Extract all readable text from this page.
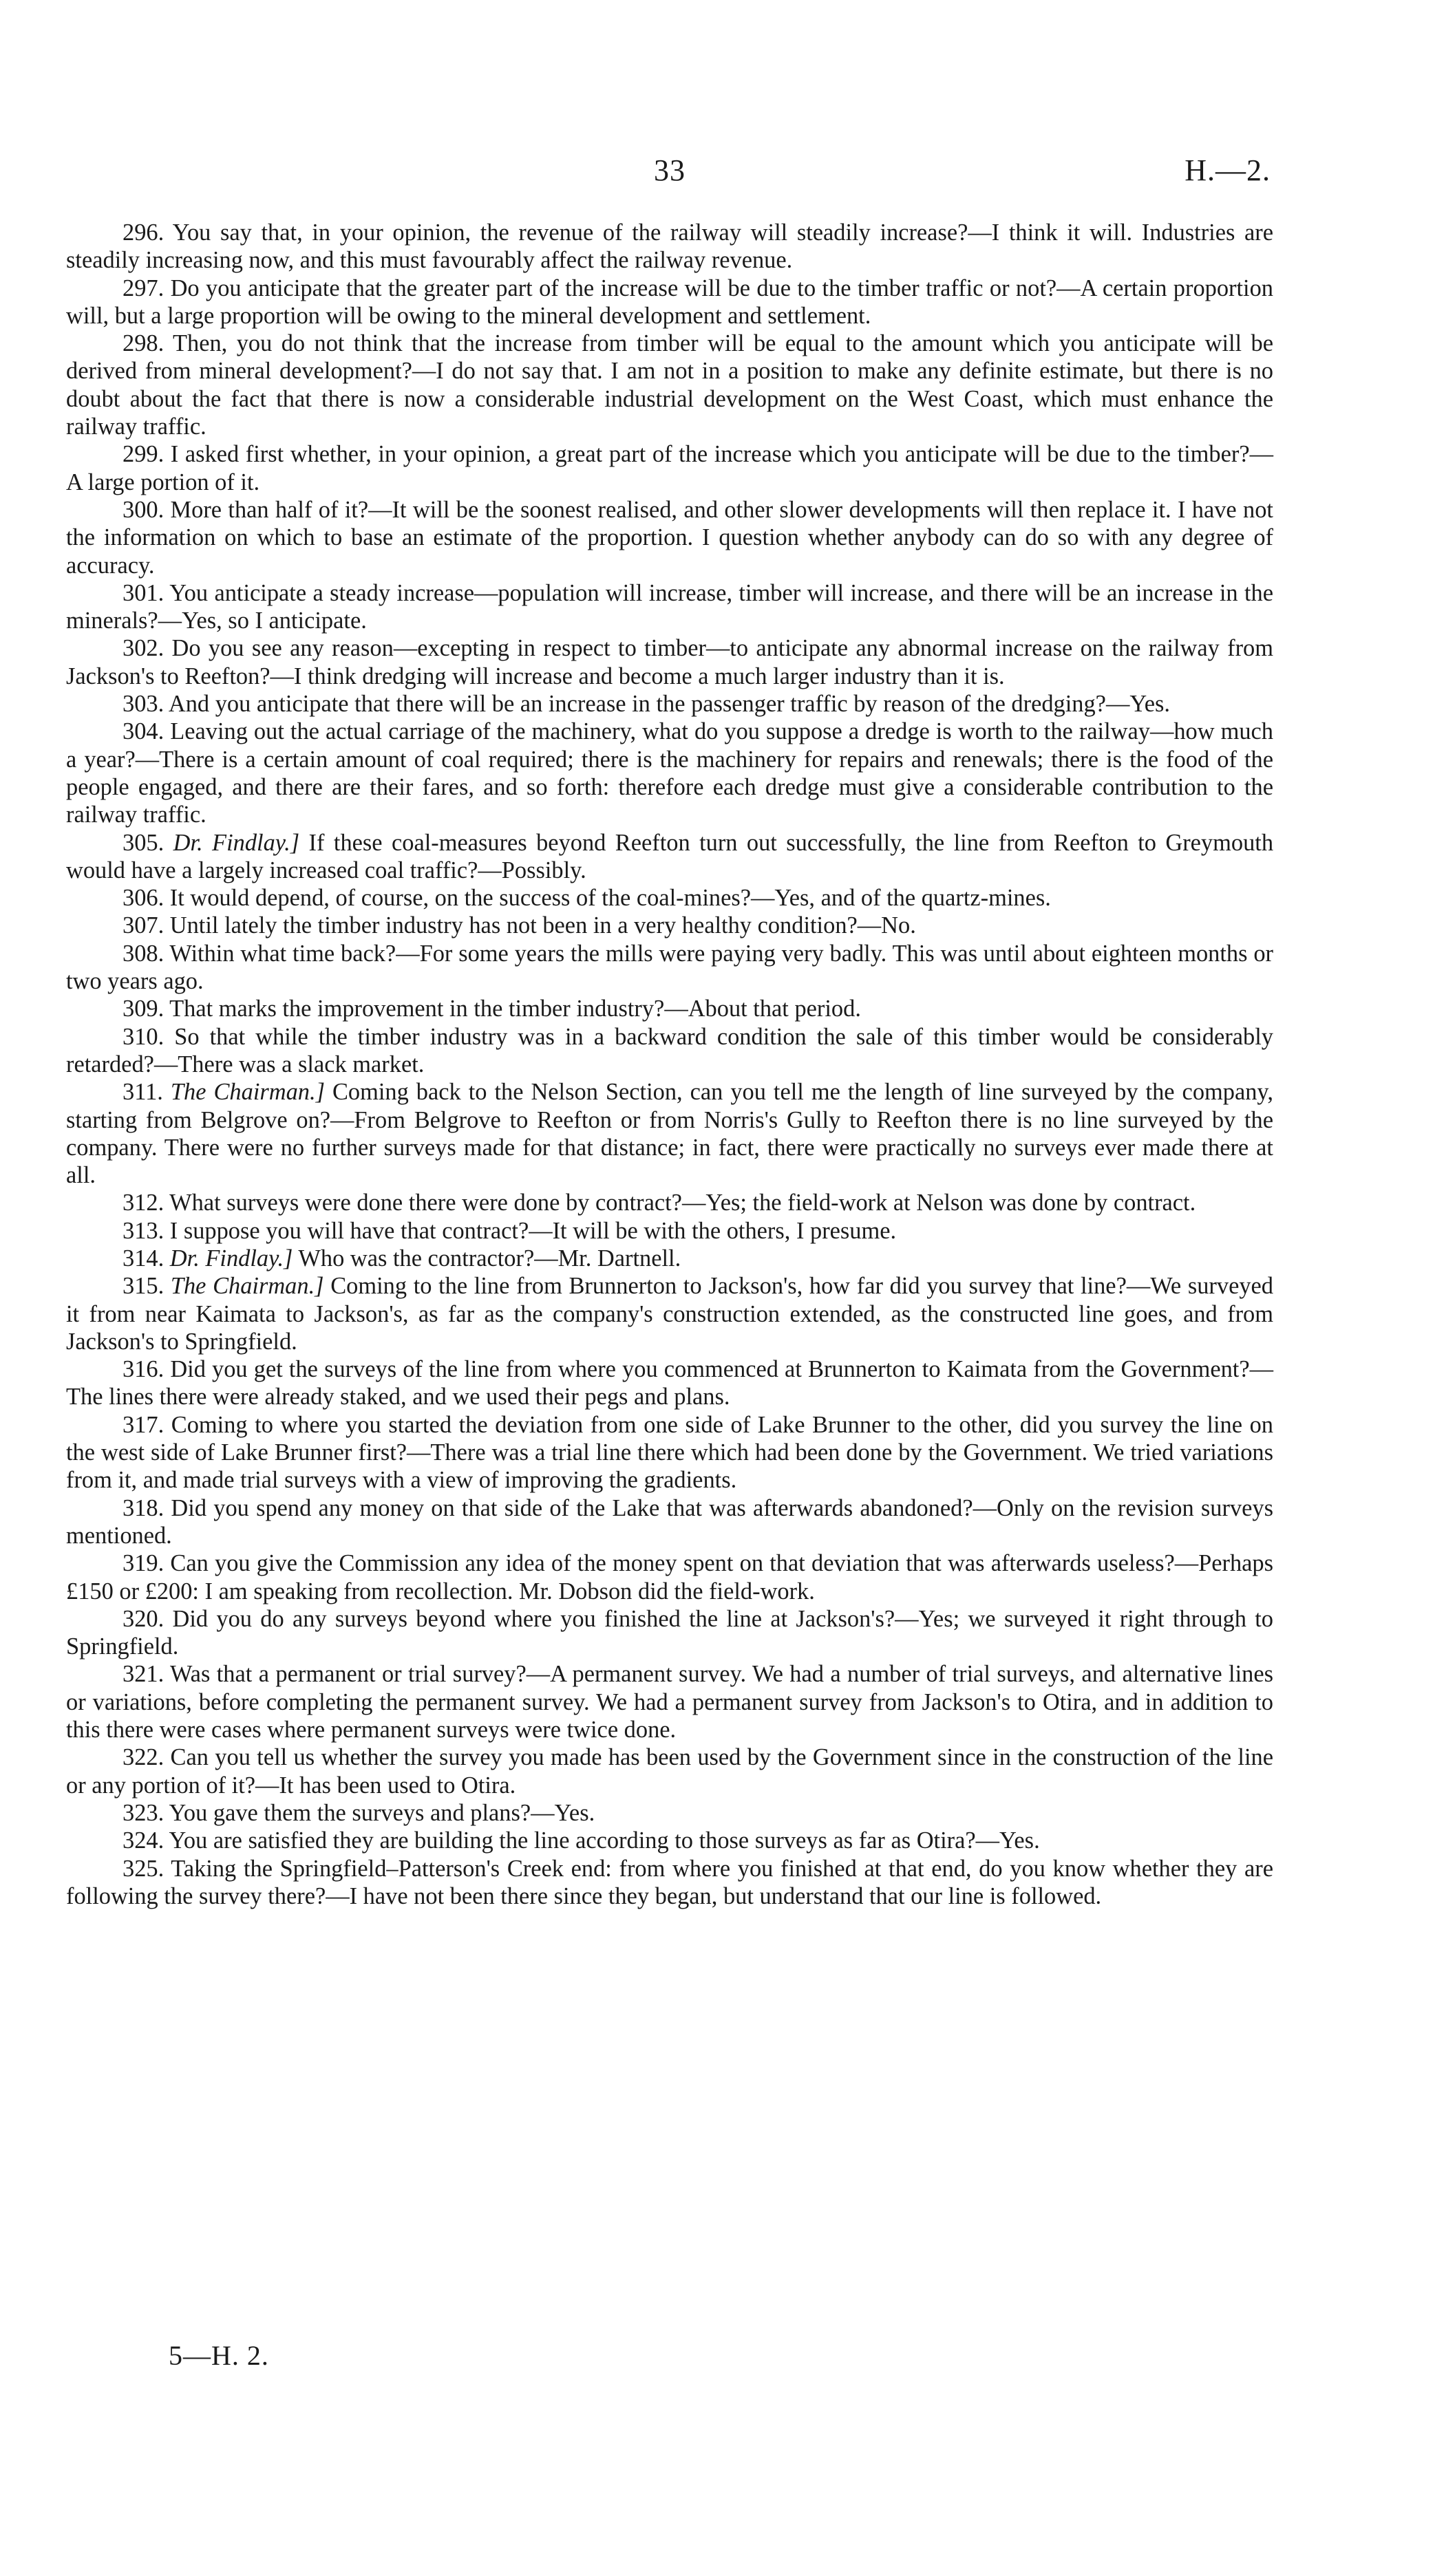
33	H.—2.

296. You say that, in your opinion, the revenue of the railway will steadily increase?—I think it will. Industries are steadily increasing now, and this must favourably affect the railway revenue.

297. Do you anticipate that the greater part of the increase will be due to the timber traffic or not?—A certain proportion will, but a large proportion will be owing to the mineral development and settlement.

298. Then, you do not think that the increase from timber will be equal to the amount which you anticipate will be derived from mineral development?—I do not say that. I am not in a position to make any definite estimate, but there is no doubt about the fact that there is now a considerable industrial development on the West Coast, which must enhance the railway traffic.

299. I asked first whether, in your opinion, a great part of the increase which you anticipate will be due to the timber?—A large portion of it.

300. More than half of it?—It will be the soonest realised, and other slower developments will then replace it. I have not the information on which to base an estimate of the proportion. I question whether anybody can do so with any degree of accuracy.

301. You anticipate a steady increase—population will increase, timber will increase, and there will be an increase in the minerals?—Yes, so I anticipate.

302. Do you see any reason—excepting in respect to timber—to anticipate any abnormal increase on the railway from Jackson's to Reefton?—I think dredging will increase and become a much larger industry than it is.

303. And you anticipate that there will be an increase in the passenger traffic by reason of the dredging?—Yes.

304. Leaving out the actual carriage of the machinery, what do you suppose a dredge is worth to the railway—how much a year?—There is a certain amount of coal required; there is the machinery for repairs and renewals; there is the food of the people engaged, and there are their fares, and so forth: therefore each dredge must give a considerable contribution to the railway traffic.

305. Dr. Findlay.] If these coal-measures beyond Reefton turn out successfully, the line from Reefton to Greymouth would have a largely increased coal traffic?—Possibly.

306. It would depend, of course, on the success of the coal-mines?—Yes, and of the quartz-mines.

307. Until lately the timber industry has not been in a very healthy condition?—No.

308. Within what time back?—For some years the mills were paying very badly. This was until about eighteen months or two years ago.

309. That marks the improvement in the timber industry?—About that period.

310. So that while the timber industry was in a backward condition the sale of this timber would be considerably retarded?—There was a slack market.

311. The Chairman.] Coming back to the Nelson Section, can you tell me the length of line surveyed by the company, starting from Belgrove on?—From Belgrove to Reefton or from Norris's Gully to Reefton there is no line surveyed by the company. There were no further surveys made for that distance; in fact, there were practically no surveys ever made there at all.

312. What surveys were done there were done by contract?—Yes; the field-work at Nelson was done by contract.

313. I suppose you will have that contract?—It will be with the others, I presume.

314. Dr. Findlay.] Who was the contractor?—Mr. Dartnell.

315. The Chairman.] Coming to the line from Brunnerton to Jackson's, how far did you survey that line?—We surveyed it from near Kaimata to Jackson's, as far as the company's construction extended, as the constructed line goes, and from Jackson's to Springfield.

316. Did you get the surveys of the line from where you commenced at Brunnerton to Kaimata from the Government?—The lines there were already staked, and we used their pegs and plans.

317. Coming to where you started the deviation from one side of Lake Brunner to the other, did you survey the line on the west side of Lake Brunner first?—There was a trial line there which had been done by the Government. We tried variations from it, and made trial surveys with a view of improving the gradients.

318. Did you spend any money on that side of the Lake that was afterwards abandoned?—Only on the revision surveys mentioned.

319. Can you give the Commission any idea of the money spent on that deviation that was afterwards useless?—Perhaps £150 or £200: I am speaking from recollection. Mr. Dobson did the field-work.

320. Did you do any surveys beyond where you finished the line at Jackson's?—Yes; we surveyed it right through to Springfield.

321. Was that a permanent or trial survey?—A permanent survey. We had a number of trial surveys, and alternative lines or variations, before completing the permanent survey. We had a permanent survey from Jackson's to Otira, and in addition to this there were cases where permanent surveys were twice done.

322. Can you tell us whether the survey you made has been used by the Government since in the construction of the line or any portion of it?—It has been used to Otira.

323. You gave them the surveys and plans?—Yes.

324. You are satisfied they are building the line according to those surveys as far as Otira?—Yes.

325. Taking the Springfield–Patterson's Creek end: from where you finished at that end, do you know whether they are following the survey there?—I have not been there since they began, but understand that our line is followed.

5—H. 2.
